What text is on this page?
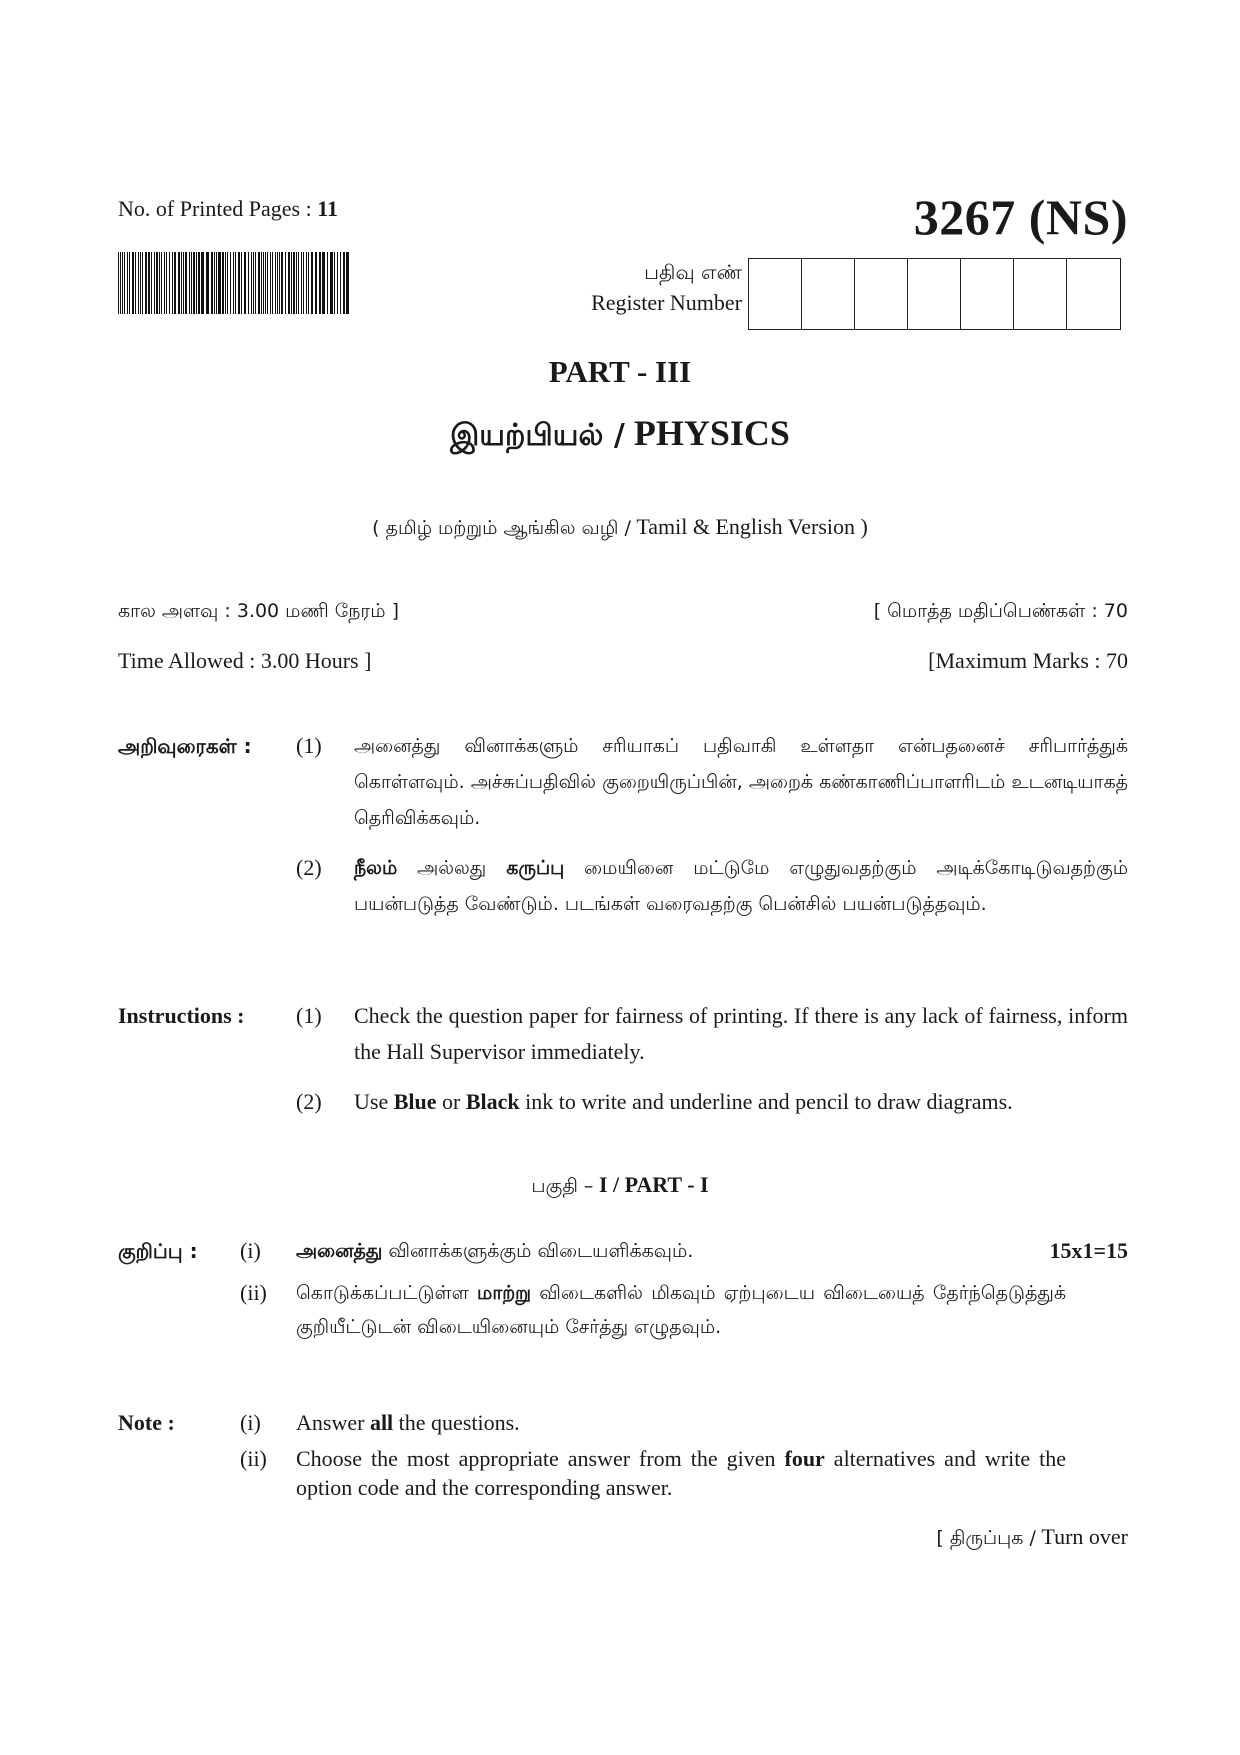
No. of Printed Pages : 11	3267 (NS)
பதிவு எண்
Register Number
PART - III
இயற்பியல் / PHYSICS
( தமிழ் மற்றும் ஆங்கில வழி / Tamil & English Version )
கால அளவு : 3.00 மணி நேரம் ]	[ மொத்த மதிப்பெண்கள் : 70
Time Allowed : 3.00 Hours ]	[Maximum Marks : 70
அறிவுரைகள் : (1) அனைத்து வினாக்களும் சரியாகப் பதிவாகி உள்ளதா என்பதனைச் சரிபார்த்துக் கொள்ளவும். அச்சுப்பதிவில் குறையிருப்பின், அறைக் கண்காணிப்பாளரிடம் உடனடியாகத் தெரிவிக்கவும்.
(2) நீலம் அல்லது கருப்பு மையினை மட்டுமே எழுதுவதற்கும் அடிக்கோடிடுவதற்கும் பயன்படுத்த வேண்டும். படங்கள் வரைவதற்கு பென்சில் பயன்படுத்தவும்.
Instructions : (1) Check the question paper for fairness of printing. If there is any lack of fairness, inform the Hall Supervisor immediately.
(2) Use Blue or Black ink to write and underline and pencil to draw diagrams.
பகுதி – I / PART - I
குறிப்பு :	15x1=15
(i) அனைத்து வினாக்களுக்கும் விடையளிக்கவும்.
(ii) கொடுக்கப்பட்டுள்ள மாற்று விடைகளில் மிகவும் ஏற்புடைய விடையைத் தேர்ந்தெடுத்துக் குறியீட்டுடன் விடையினையும் சேர்த்து எழுதவும்.
Note :	(i) Answer all the questions.
(ii) Choose the most appropriate answer from the given four alternatives and write the option code and the corresponding answer.
[ திருப்புக / Turn over
